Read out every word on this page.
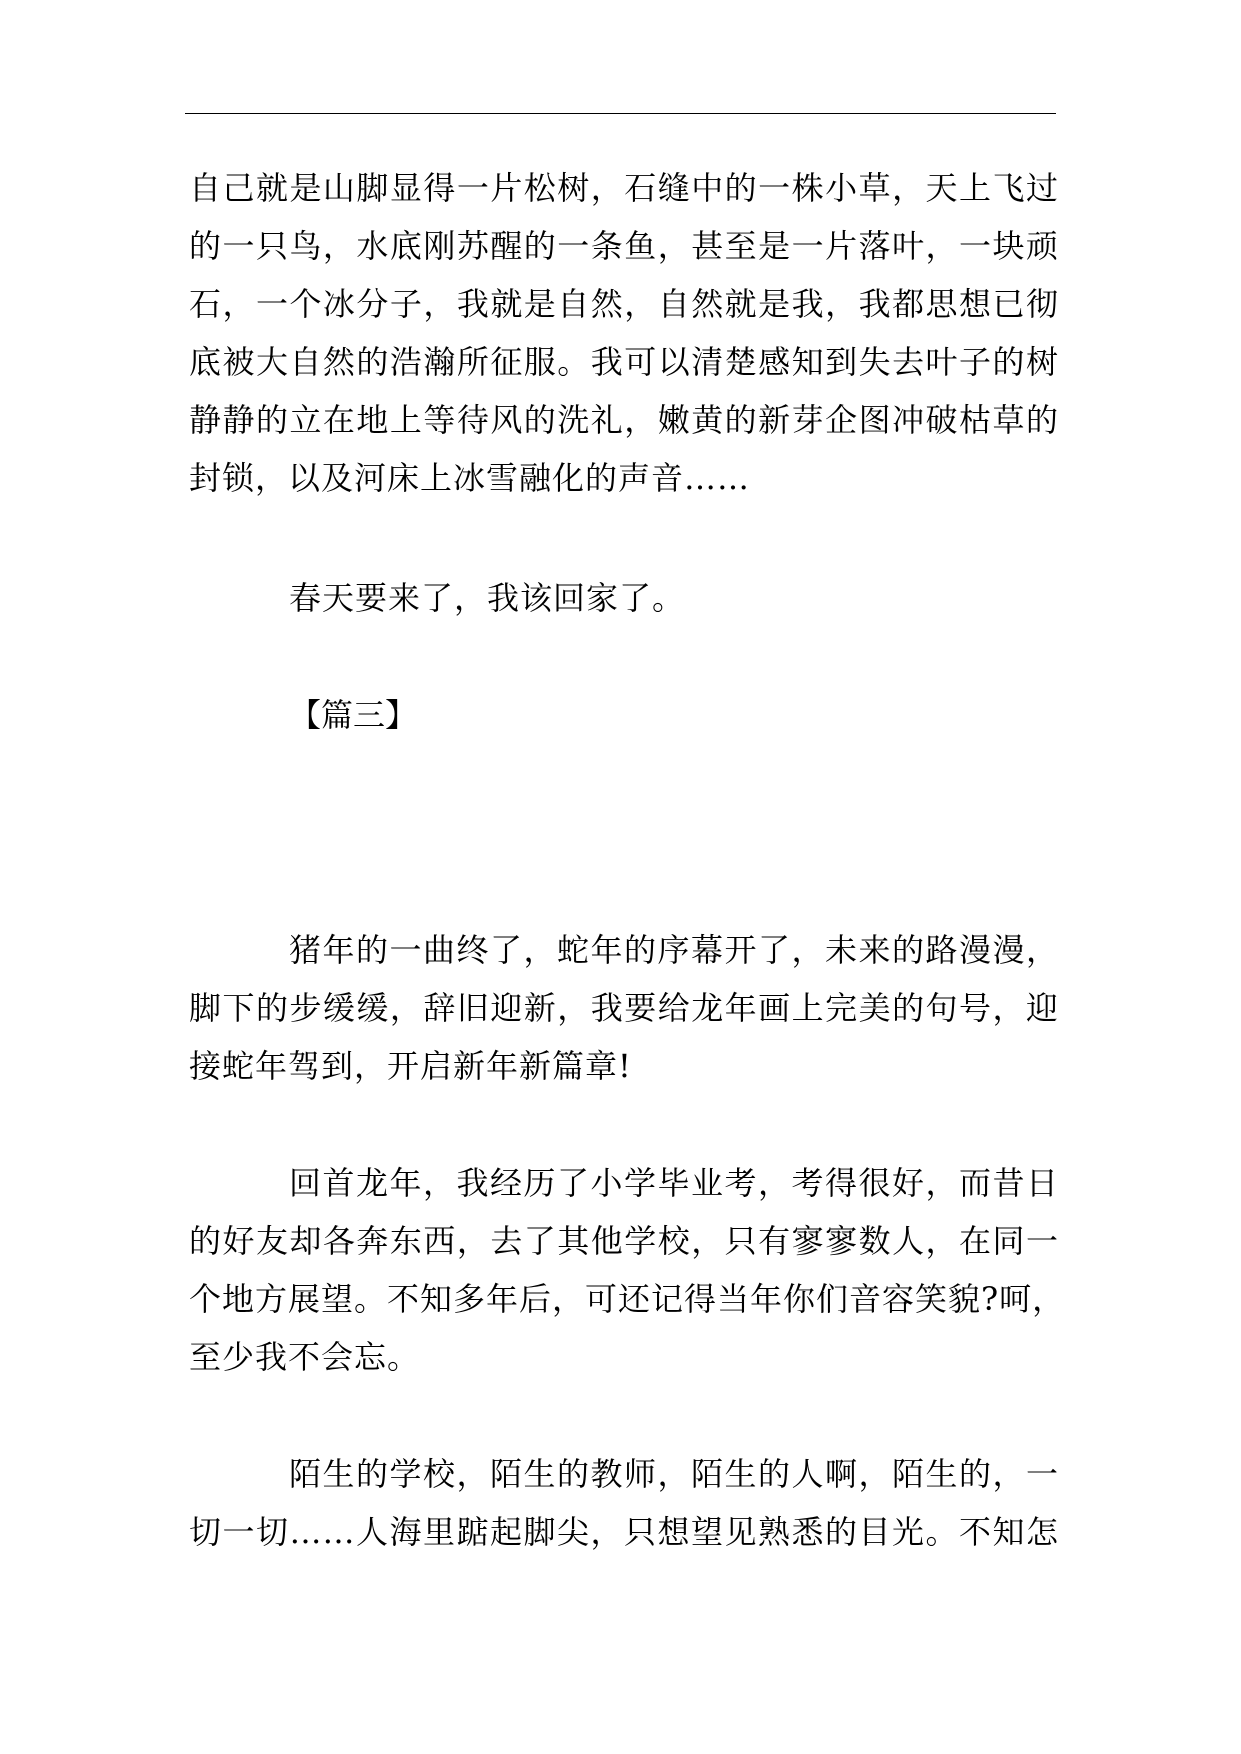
自己就是山脚显得一片松树，石缝中的一株小草，天上飞过
的一只鸟，水底刚苏醒的一条鱼，甚至是一片落叶，一块顽
石，一个冰分子，我就是自然，自然就是我，我都思想已彻
底被大自然的浩瀚所征服。我可以清楚感知到失去叶子的树
静静的立在地上等待风的洗礼，嫩黄的新芽企图冲破枯草的
封锁，以及河床上冰雪融化的声音……
春天要来了，我该回家了。
【篇三】
猪年的一曲终了，蛇年的序幕开了，未来的路漫漫，
脚下的步缓缓，辞旧迎新，我要给龙年画上完美的句号，迎
接蛇年驾到，开启新年新篇章!
回首龙年，我经历了小学毕业考，考得很好，而昔日
的好友却各奔东西，去了其他学校，只有寥寥数人，在同一
个地方展望。不知多年后，可还记得当年你们音容笑貌?呵，
至少我不会忘。
陌生的学校，陌生的教师，陌生的人啊，陌生的，一
切一切……人海里踮起脚尖，只想望见熟悉的目光。不知怎
